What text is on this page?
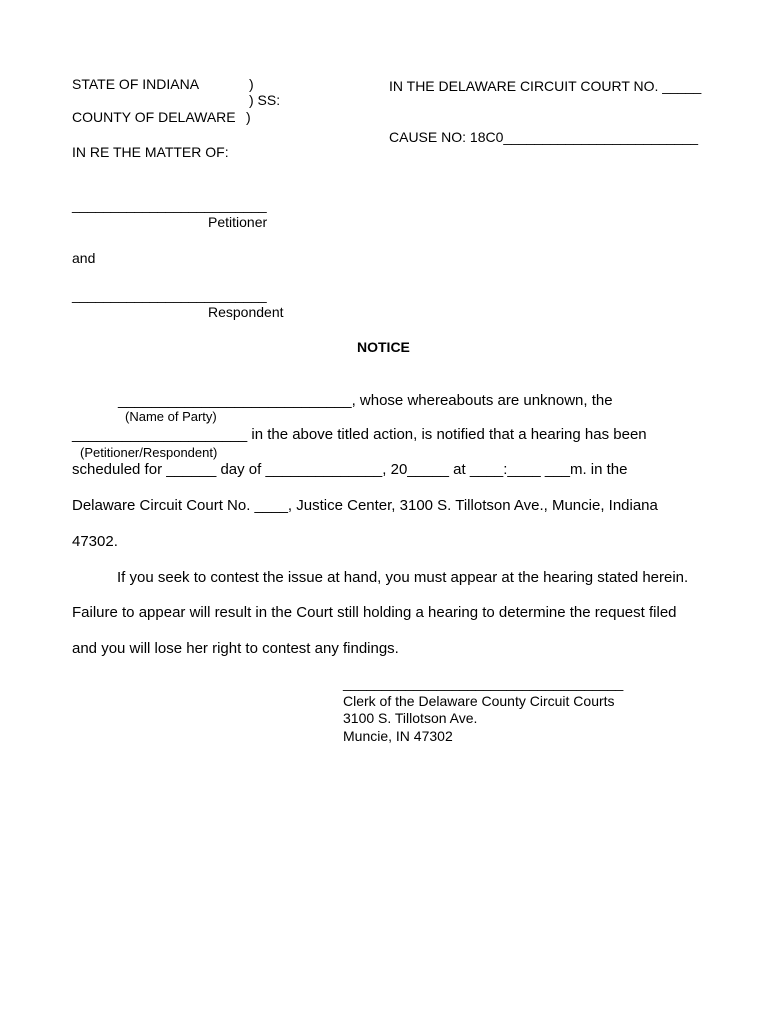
STATE OF INDIANA	)
) SS:
COUNTY OF DELAWARE )
IN RE THE MATTER OF:
IN THE DELAWARE CIRCUIT COURT NO. _____
CAUSE NO: 18C0_________________________
_________________________
Petitioner
and
_________________________
Respondent
NOTICE
____________________________, whose whereabouts are unknown, the
(Name of Party)
_____________________ in the above titled action, is notified that a hearing has been
(Petitioner/Respondent)
scheduled for ______ day of ______________, 20_____ at ____:____ ___m. in the
Delaware Circuit Court No. ____, Justice Center, 3100 S. Tillotson Ave., Muncie, Indiana
47302.
If you seek to contest the issue at hand, you must appear at the hearing stated herein.
Failure to appear will result in the Court still holding a hearing to determine the request filed
and you will lose her right to contest any findings.
____________________________________
Clerk of the Delaware County Circuit Courts
3100 S. Tillotson Ave.
Muncie, IN 47302
